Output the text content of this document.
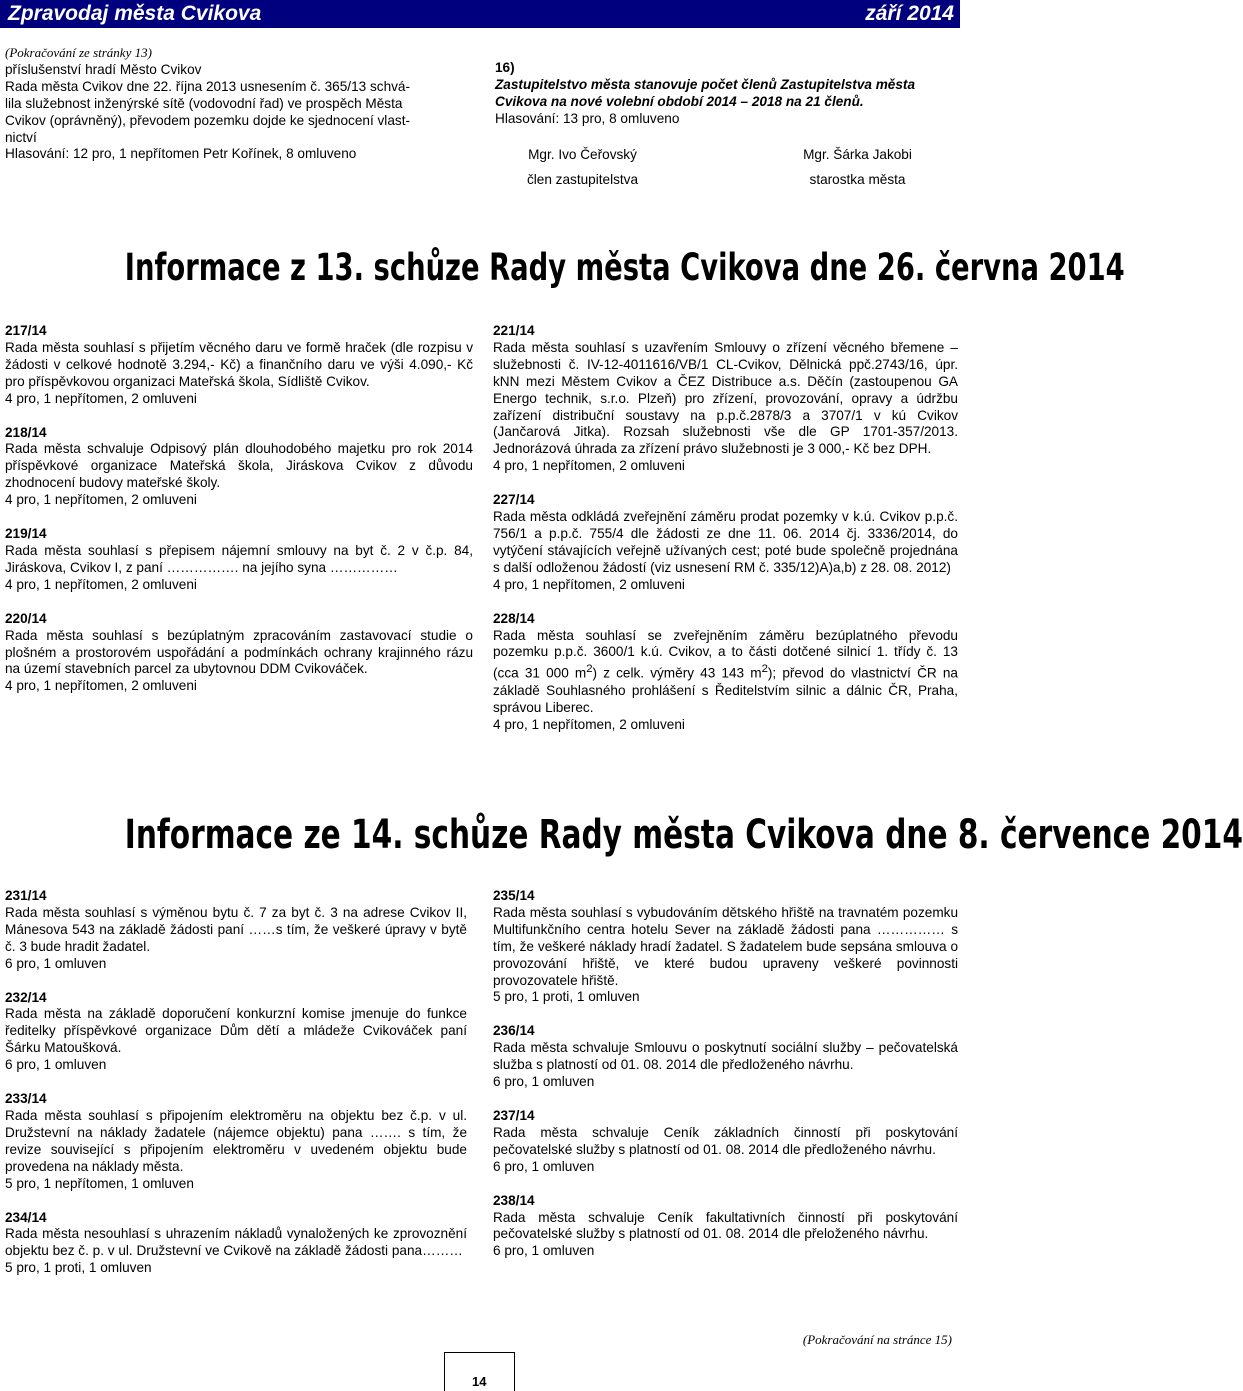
Zpravodaj města Cvikova	září 2014

(Pokračování ze stránky 13)

příslušenství hradí Město Cvikov

Rada města Cvikov dne 22. října 2013 usnesením č. 365/13 schvá-

lila služebnost inženýrské sítě (vodovodní řad) ve prospěch Města

Cvikov (oprávněný), převodem pozemku dojde ke sjednocení vlast-

nictví

Hlasování: 12 pro, 1 nepřítomen Petr Kořínek, 8 omluveno

16)

Zastupitelstvo města stanovuje počet členů Zastupitelstva města Cvikova na nové volební období 2014 – 2018 na 21 členů.

Hlasování: 13 pro, 8 omluveno

Mgr. Ivo Čeřovský
člen zastupitelstva
Mgr. Šárka Jakobi
starostka města
Informace z 13. schůze Rady města Cvikova dne 26. června 2014

217/14

Rada města souhlasí s přijetím věcného daru ve formě hraček (dle rozpisu v žádosti v celkové hodnotě 3.294,- Kč) a finančního daru ve výši 4.090,- Kč pro příspěvkovou organizaci Mateřská škola, Sídliště Cvikov.

4 pro, 1 nepřítomen, 2 omluveni

218/14

Rada města schvaluje Odpisový plán dlouhodobého majetku pro rok 2014 příspěvkové organizace Mateřská škola, Jiráskova Cvikov z důvodu zhodnocení budovy mateřské školy.

4 pro, 1 nepřítomen, 2 omluveni

219/14

Rada města souhlasí s přepisem nájemní smlouvy na byt č. 2 v č.p. 84, Jiráskova, Cvikov I, z paní ……………. na jejího syna ……………

4 pro, 1 nepřítomen, 2 omluveni

220/14

Rada města souhlasí s bezúplatným zpracováním zastavovací studie o plošném a prostorovém uspořádání a podmínkách ochrany krajinného rázu na území stavebních parcel za ubytovnou DDM Cvikováček.

4 pro, 1 nepřítomen, 2 omluveni

221/14

Rada města souhlasí s uzavřením Smlouvy o zřízení věcného břemene – služebnosti č. IV-12-4011616/VB/1 CL-Cvikov, Dělnická ppč.2743/16, úpr. kNN mezi Městem Cvikov a ČEZ Distribuce a.s. Děčín (zastoupenou GA Energo technik, s.r.o. Plzeň) pro zřízení, provozování, opravy a údržbu zařízení distribuční soustavy na p.p.č.2878/3 a 3707/1 v kú Cvikov (Jančarová Jitka). Rozsah služebnosti vše dle GP 1701-357/2013. Jednorázová úhrada za zřízení právo služebnosti je 3 000,- Kč bez DPH.

4 pro, 1 nepřítomen, 2 omluveni

227/14

Rada města odkládá zveřejnění záměru prodat pozemky v k.ú. Cvikov p.p.č. 756/1 a p.p.č. 755/4 dle žádosti ze dne 11. 06. 2014 čj. 3336/2014, do vytýčení stávajících veřejně užívaných cest; poté bude společně projednána s další odloženou žádostí (viz usnesení RM č. 335/12)A)a,b) z 28. 08. 2012)

4 pro, 1 nepřítomen, 2 omluveni

228/14

Rada města souhlasí se zveřejněním záměru bezúplatného převodu pozemku p.p.č. 3600/1 k.ú. Cvikov, a to části dotčené silnicí 1. třídy č. 13 (cca 31 000 $m^2$) z celk. výměry 43 143 $m^2$); převod do vlastnictví ČR na základě Souhlasného prohlášení s Ředitelstvím silnic a dálnic ČR, Praha, správou Liberec.

4 pro, 1 nepřítomen, 2 omluveni

Informace ze 14. schůze Rady města Cvikova dne 8. července 2014

231/14

Rada města souhlasí s výměnou bytu č. 7 za byt č. 3 na adrese Cvikov II, Mánesova 543 na základě žádosti paní ……s tím, že veškeré úpravy v bytě č. 3 bude hradit žadatel.

6 pro, 1 omluven

232/14

Rada města na základě doporučení konkurzní komise jmenuje do funkce ředitelky příspěvkové organizace Dům dětí a mládeže Cvikováček paní Šárku Matoušková.

6 pro, 1 omluven

233/14

Rada města souhlasí s připojením elektroměru na objektu bez č.p. v ul. Družstevní na náklady žadatele (nájemce objektu) pana ……. s tím, že revize související s připojením elektroměru v uvedeném objektu bude provedena na náklady města.

5 pro, 1 nepřítomen, 1 omluven

234/14

Rada města nesouhlasí s uhrazením nákladů vynaložených ke zprovoznění objektu bez č. p. v ul. Družstevní ve Cvikově na základě žádosti pana………

5 pro, 1 proti, 1 omluven

235/14

Rada města souhlasí s vybudováním dětského hřiště na travnatém pozemku Multifunkčního centra hotelu Sever na základě žádosti pana …………… s tím, že veškeré náklady hradí žadatel. S žadatelem bude sepsána smlouva o provozování hřiště, ve které budou upraveny veškeré povinnosti provozovatele hřiště.

5 pro, 1 proti, 1 omluven

236/14

Rada města schvaluje Smlouvu o poskytnutí sociální služby – pečovatelská služba s platností od 01. 08. 2014 dle předloženého návrhu.

6 pro, 1 omluven

237/14

Rada města schvaluje Ceník základních činností při poskytování pečovatelské služby s platností od 01. 08. 2014 dle předloženého návrhu.

6 pro, 1 omluven

238/14

Rada města schvaluje Ceník fakultativních činností při poskytování pečovatelské služby s platností od 01. 08. 2014 dle přeloženého návrhu.

6 pro, 1 omluven

(Pokračování na stránce 15)
14
